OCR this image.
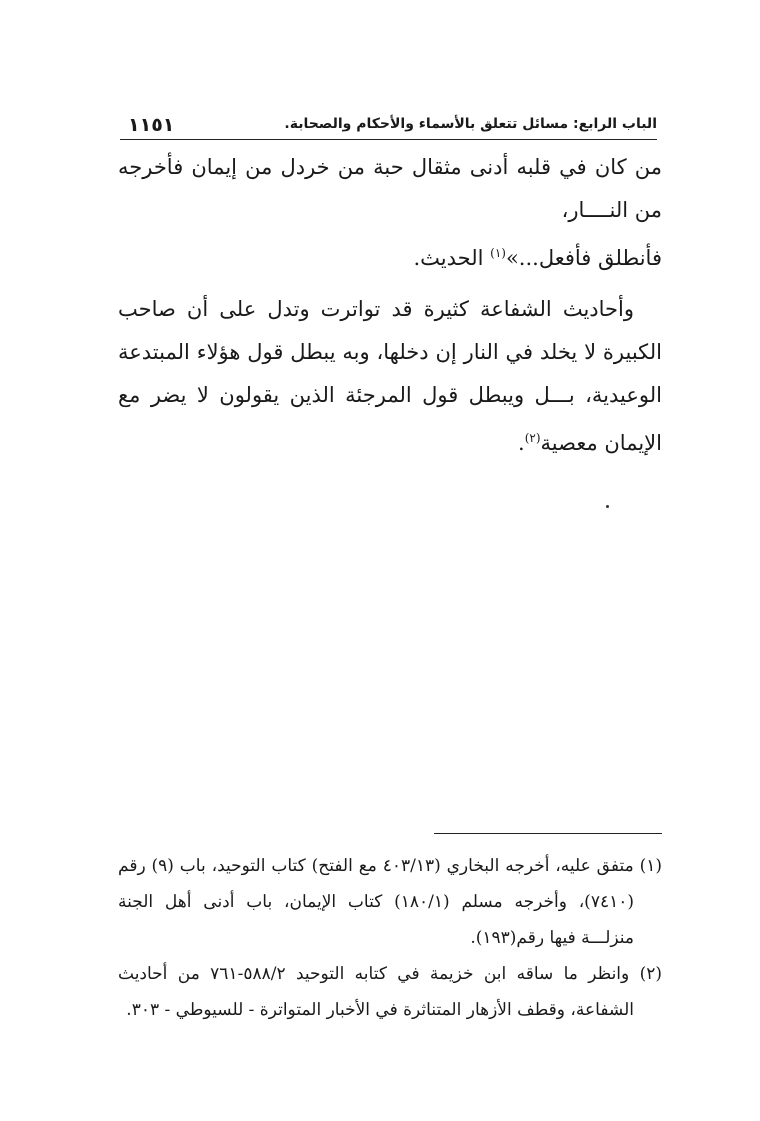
الباب الرابع: مسائل تتعلق بالأسماء والأحكام والصحابة.
١١٥١

من كان في قلبه أدنى مثقال حبة من خردل من إيمان فأخرجه من النــــار،
فأنطلق فأفعل...»$^{(١)}$ الحديث.

وأحاديث الشفاعة كثيرة قد تواترت وتدل على أن صاحب الكبيرة لا يخلد في النار إن دخلها، وبه يبطل قول هؤلاء المبتدعة الوعيدية، بـــل ويبطل قول المرجئة الذين يقولون لا يضر مع الإيمان معصية$^{(٢)}$.

(١) متفق عليه، أخرجه البخاري (٤٠٣/١٣ مع الفتح) كتاب التوحيد، باب (٩) رقم (٧٤١٠)، وأخرجه مسلم (١٨٠/١) كتاب الإيمان، باب أدنى أهل الجنة منزلـــة فيها رقم(١٩٣).

(٢) وانظر ما ساقه ابن خزيمة في كتابه التوحيد ٥٨٨/٢-٧٦١ من أحاديث الشفاعة، وقطف الأزهار المتناثرة في الأخبار المتواترة - للسيوطي - ٣٠٣.
